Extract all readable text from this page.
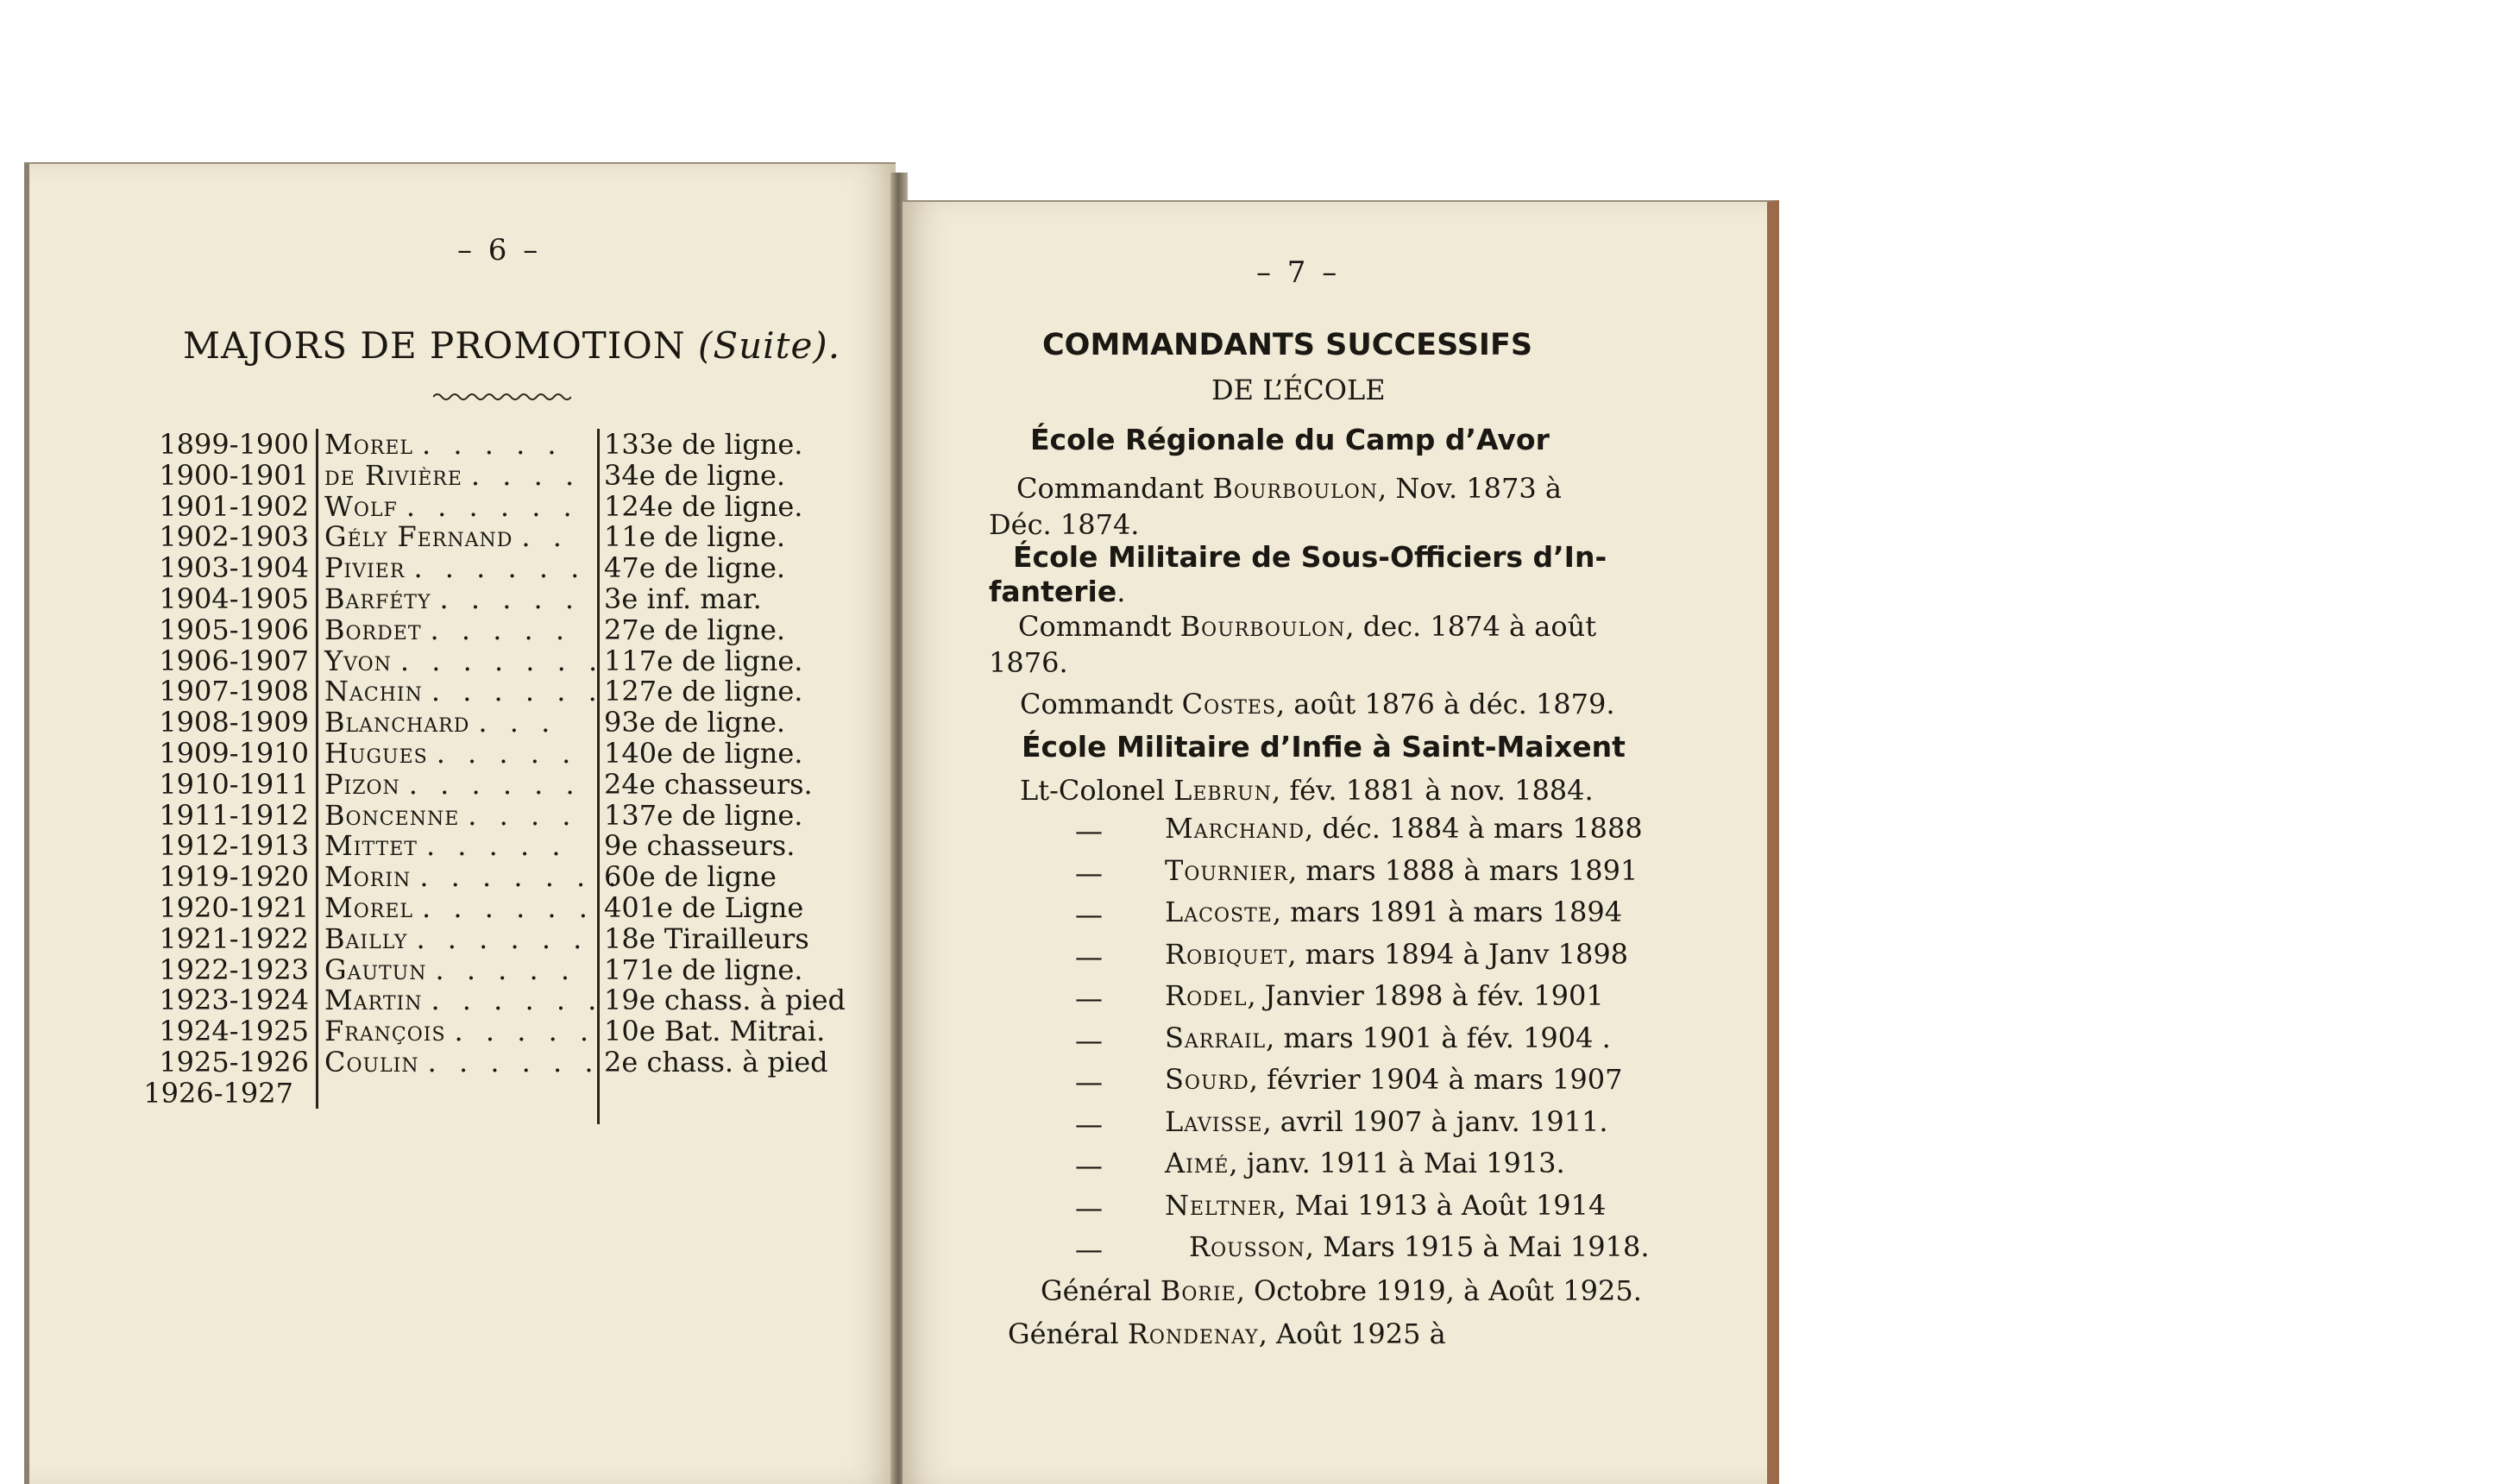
– 6 –
MAJORS DE PROMOTION (Suite).
1899-1900 Morel . . . . . 133e de ligne.
1900-1901 de Rivière . . . . 34e de ligne.
1901-1902 Wolf . . . . . . 124e de ligne.
1902-1903 Gély Fernand . . 11e de ligne.
1903-1904 Pivier . . . . . . 47e de ligne.
1904-1905 Barféty . . . . . 3e inf. mar.
1905-1906 Bordet . . . . . 27e de ligne.
1906-1907 Yvon . . . . . . . 117e de ligne.
1907-1908 Nachin . . . . . . 127e de ligne.
1908-1909 Blanchard . . . 93e de ligne.
1909-1910 Hugues . . . . . 140e de ligne.
1910-1911 Pizon . . . . . . 24e chasseurs.
1911-1912 Boncenne . . . . 137e de ligne.
1912-1913 Mittet . . . . . 9e chasseurs.
1919-1920 Morin . . . . . . .
60e de ligne
1920-1921 Morel . . . . . . 401e de Ligne
1921-1922 Bailly . . . . . . 18e Tirailleurs
1922-1923 Gautun . . . . . 171e de ligne.
1923-1924 Martin . . . . . . 19e chass. à pied
1924-1925 François . . . . . 10e Bat. Mitrai.
1925-1926 Coulin . . . . . . 2e chass. à pied
1926-1927
– 7 –
COMMANDANTS SUCCESSIFS
DE L’ÉCOLE
École Régionale du Camp d’Avor
Commandant Bourboulon, Nov. 1873 à
Déc. 1874.
École Militaire de Sous-Officiers d’In-
fanterie.
Commandt Bourboulon, dec. 1874 à août
1876.
Commandt Costes, août 1876 à déc. 1879.
École Militaire d’Infie à Saint-Maixent
Lt-Colonel Lebrun, fév. 1881 à nov. 1884.
— Marchand, déc. 1884 à mars 1888
— Tournier, mars 1888 à mars 1891
— Lacoste, mars 1891 à mars 1894
— Robiquet, mars 1894 à Janv 1898
— Rodel, Janvier 1898 à fév. 1901
— Sarrail, mars 1901 à fév. 1904 .
— Sourd, février 1904 à mars 1907
— Lavisse, avril 1907 à janv. 1911.
— Aimé, janv. 1911 à Mai 1913.
— Neltner, Mai 1913 à Août 1914
—	Rousson, Mars 1915 à Mai 1918.
Général Borie, Octobre 1919, à Août 1925.
Général Rondenay, Août 1925 à
